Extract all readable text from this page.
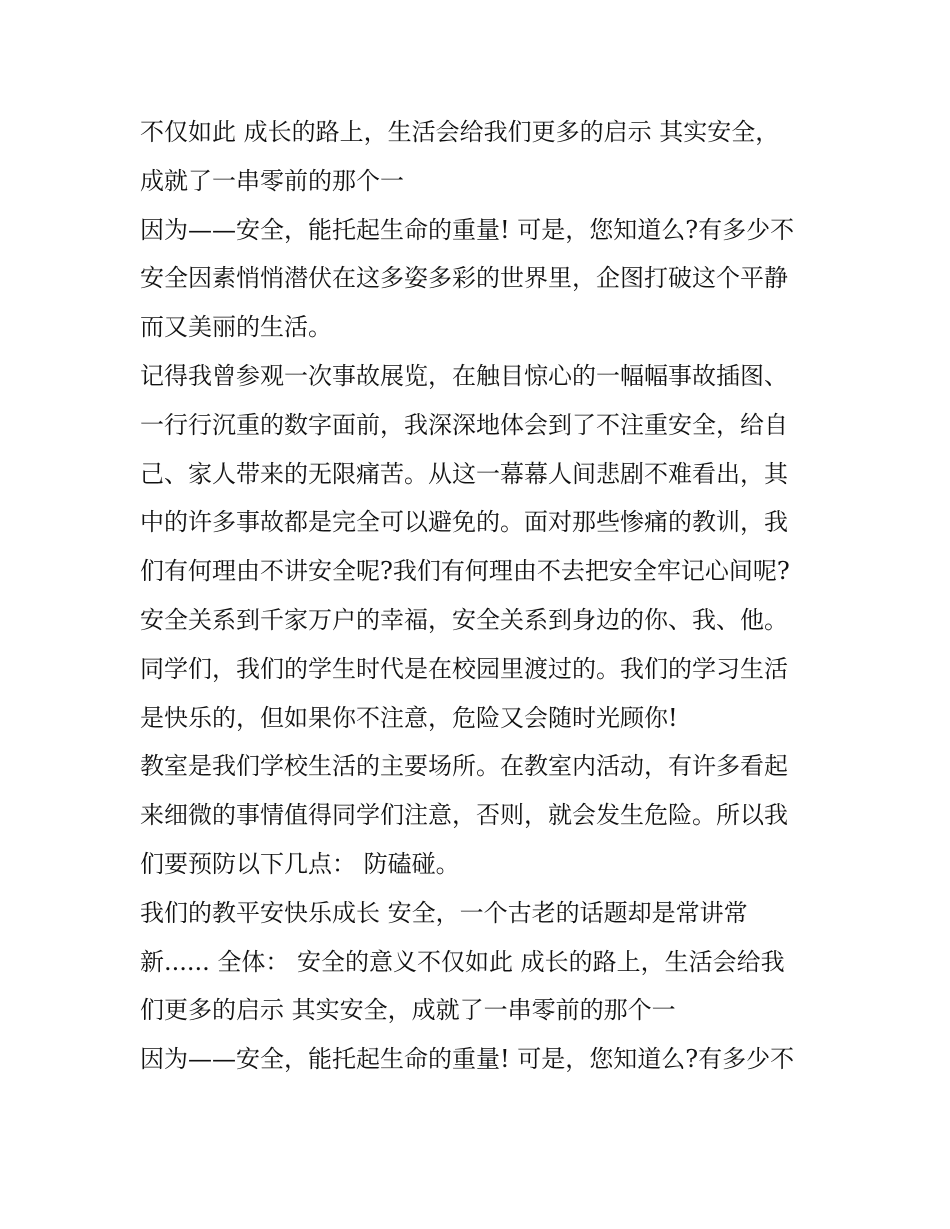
不仅如此 成长的路上，生活会给我们更多的启示 其实安全，
成就了一串零前的那个一
因为——安全，能托起生命的重量! 可是，您知道么?有多少不
安全因素悄悄潜伏在这多姿多彩的世界里，企图打破这个平静
而又美丽的生活。
记得我曾参观一次事故展览，在触目惊心的一幅幅事故插图、
一行行沉重的数字面前，我深深地体会到了不注重安全，给自
己、家人带来的无限痛苦。从这一幕幕人间悲剧不难看出，其
中的许多事故都是完全可以避免的。面对那些惨痛的教训，我
们有何理由不讲安全呢?我们有何理由不去把安全牢记心间呢?
安全关系到千家万户的幸福，安全关系到身边的你、我、他。
同学们，我们的学生时代是在校园里渡过的。我们的学习生活
是快乐的，但如果你不注意，危险又会随时光顾你!
教室是我们学校生活的主要场所。在教室内活动，有许多看起
来细微的事情值得同学们注意，否则，就会发生危险。所以我
们要预防以下几点： 防磕碰。
我们的教平安快乐成长 安全，一个古老的话题却是常讲常
新...... 全体： 安全的意义不仅如此 成长的路上，生活会给我
们更多的启示 其实安全，成就了一串零前的那个一
因为——安全，能托起生命的重量! 可是，您知道么?有多少不
